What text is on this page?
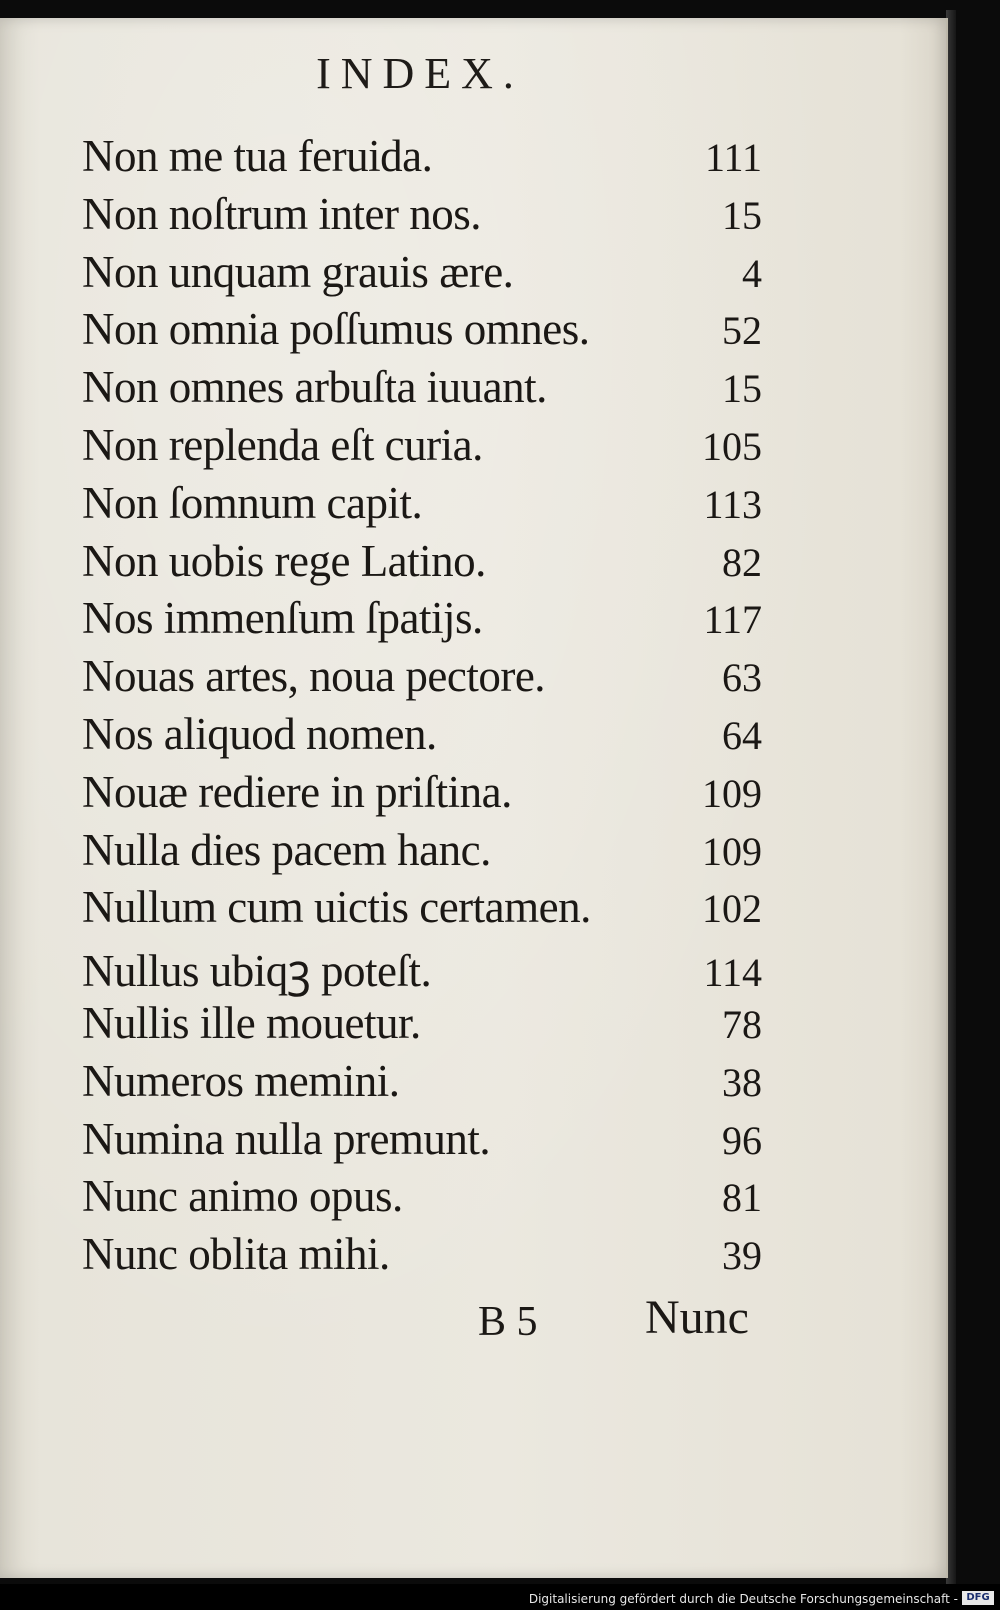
INDEX.
Non me tua feruida.	111
Non noſtrum inter nos.	15
Non unquam grauis ære.	4
Non omnia poſſumus omnes.	52
Non omnes arbuſta iuuant.	15
Non replenda eſt curia.	105
Non ſomnum capit.	113
Non uobis rege Latino.	82
Nos immenſum ſpatijs.	117
Nouas artes, noua pectore.	63
Nos aliquod nomen.	64
Nouæ rediere in priſtina.	109
Nulla dies pacem hanc.	109
Nullum cum uictis certamen.	102
Nullus ubiqꝫ poteſt.	114
Nullis ille mouetur.	78
Numeros memini.	38
Numina nulla premunt.	96
Nunc animo opus.	81
Nunc oblita mihi.	39
B 5 Nunc
Digitalisierung gefördert durch die Deutsche Forschungsgemeinschaft - DFG
